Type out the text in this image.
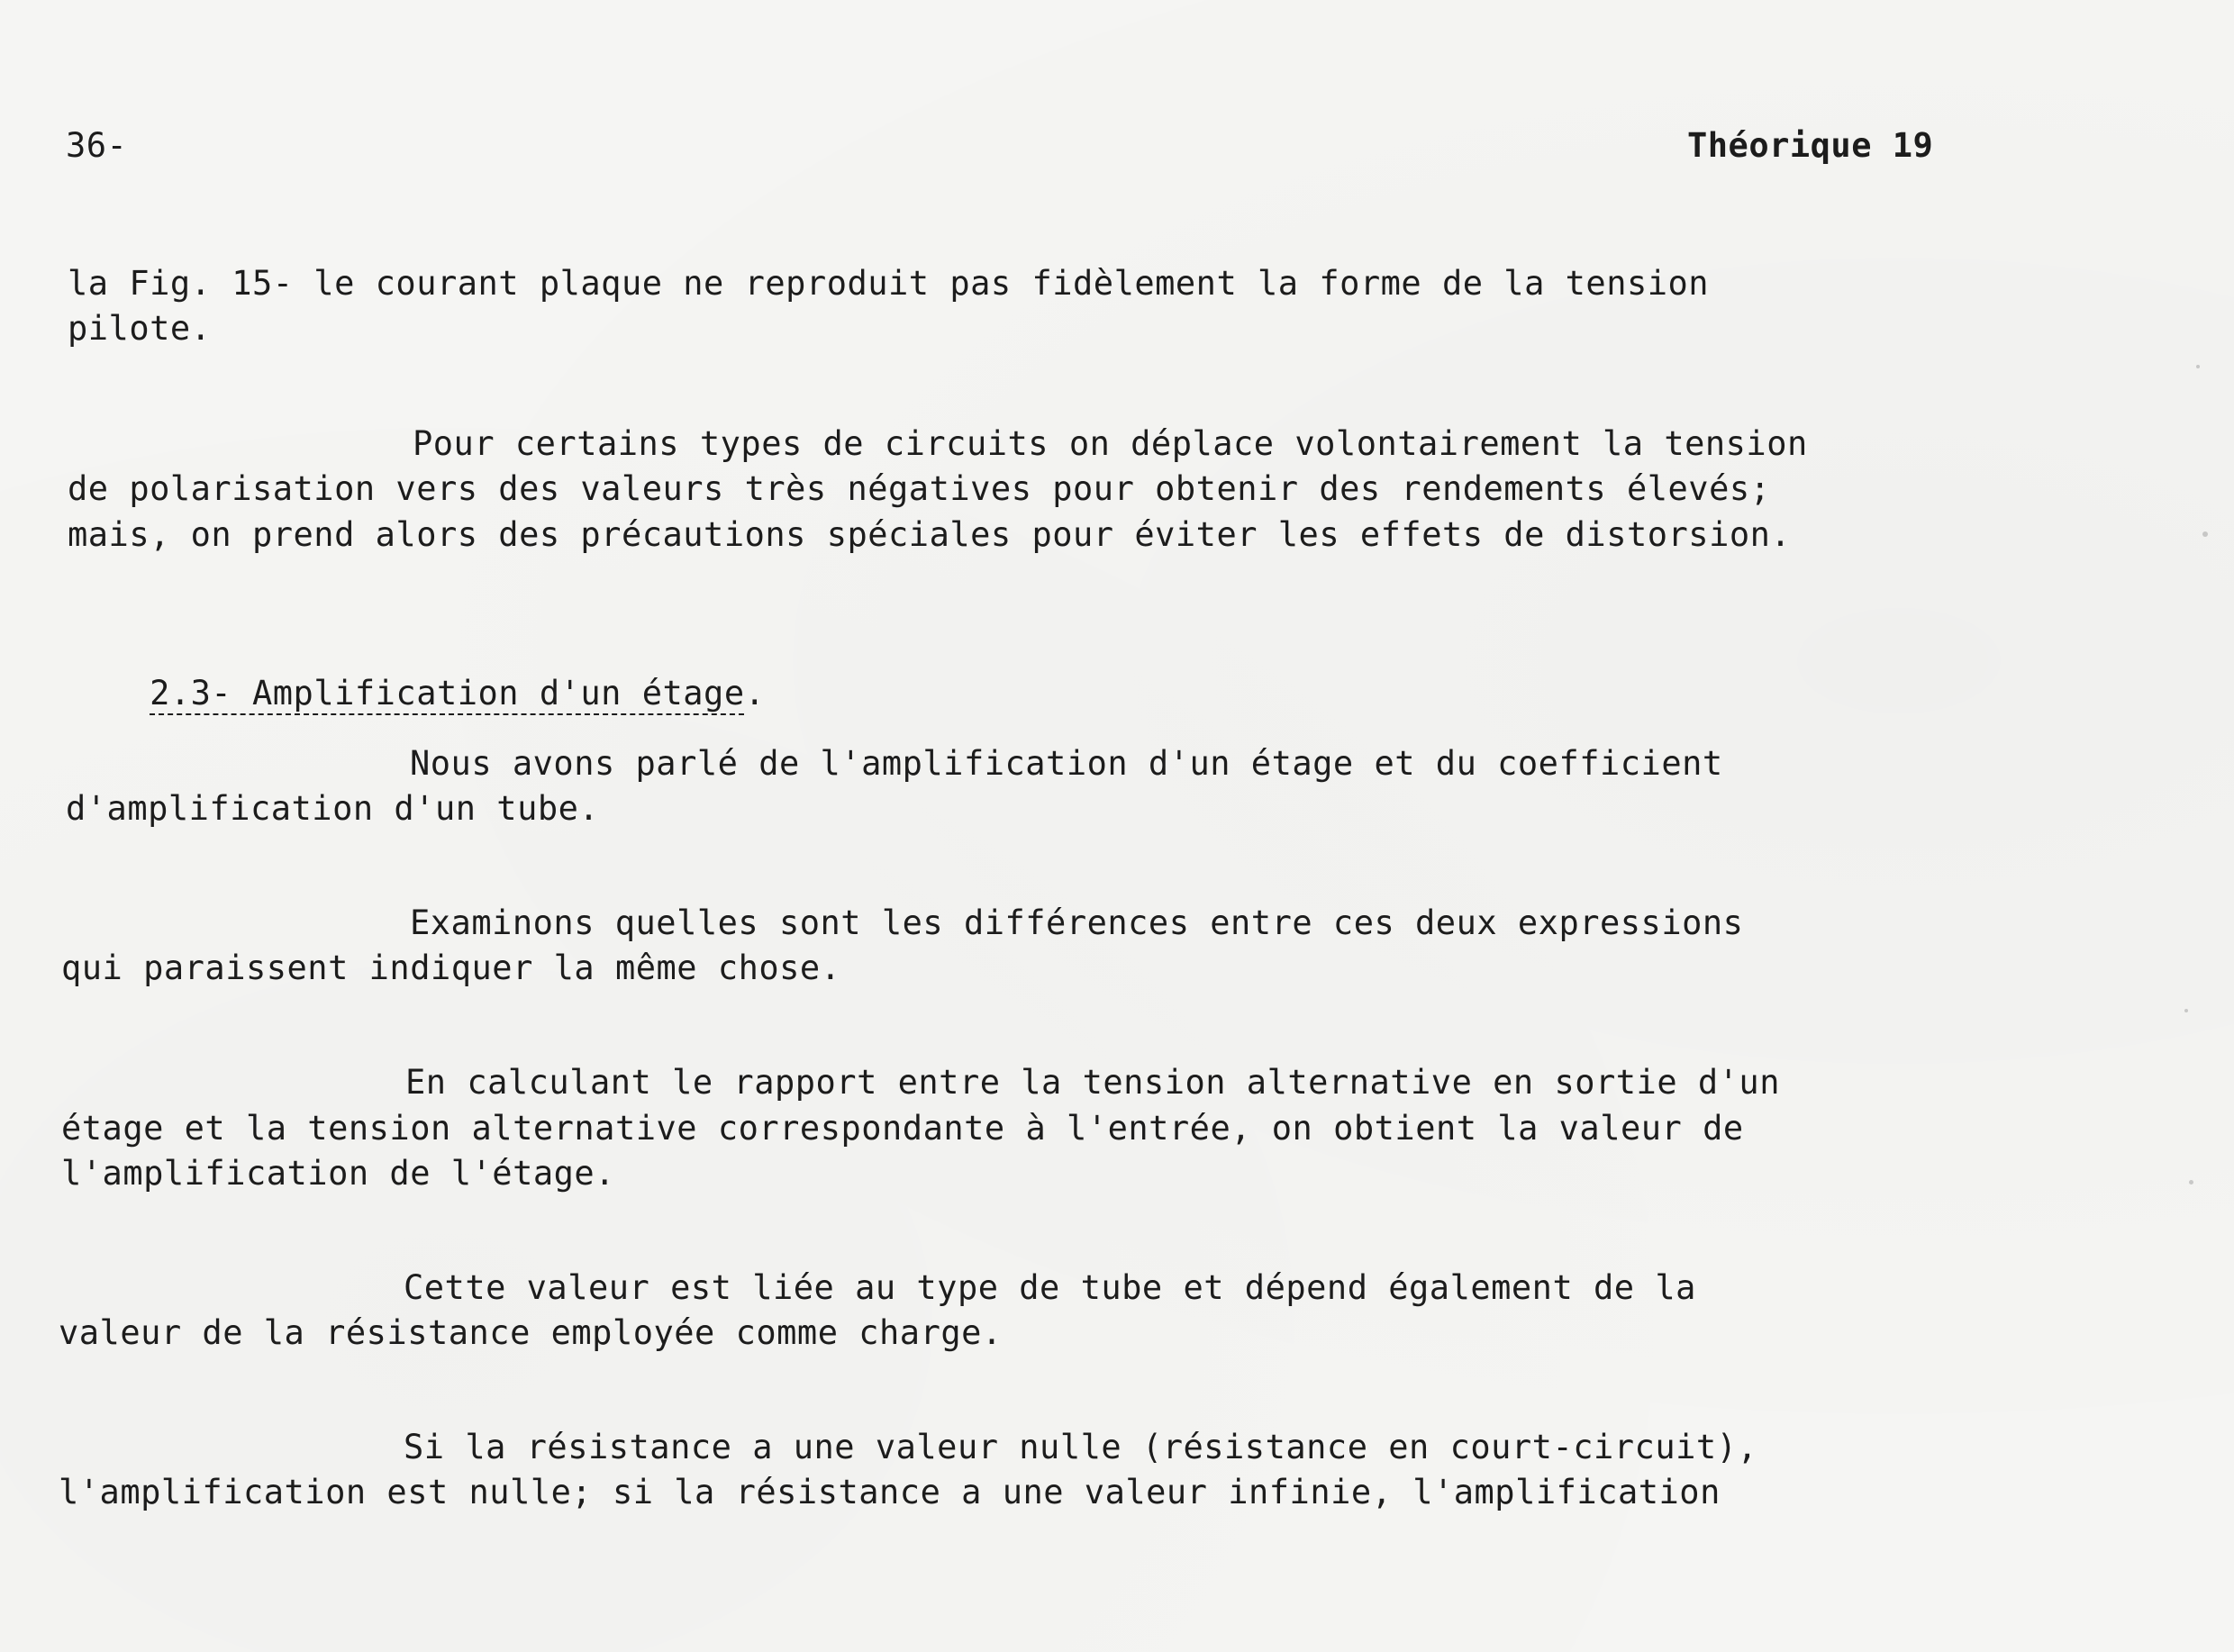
36-	Théorique 19
la Fig. 15- le courant plaque ne reproduit pas fidèlement la forme de la tension
pilote.
Pour certains types de circuits on déplace volontairement la tension
de polarisation vers des valeurs très négatives pour obtenir des rendements élevés;
mais, on prend alors des précautions spéciales pour éviter les effets de distorsion.

2.3- Amplification d'un étage.

Nous avons parlé de l'amplification d'un étage et du coefficient
d'amplification d'un tube.
Examinons quelles sont les différences entre ces deux expressions
qui paraissent indiquer la même chose.
En calculant le rapport entre la tension alternative en sortie d'un
étage et la tension alternative correspondante à l'entrée, on obtient la valeur de
l'amplification de l'étage.
Cette valeur est liée au type de tube et dépend également de la
valeur de la résistance employée comme charge.
Si la résistance a une valeur nulle (résistance en court-circuit),
l'amplification est nulle; si la résistance a une valeur infinie, l'amplification
